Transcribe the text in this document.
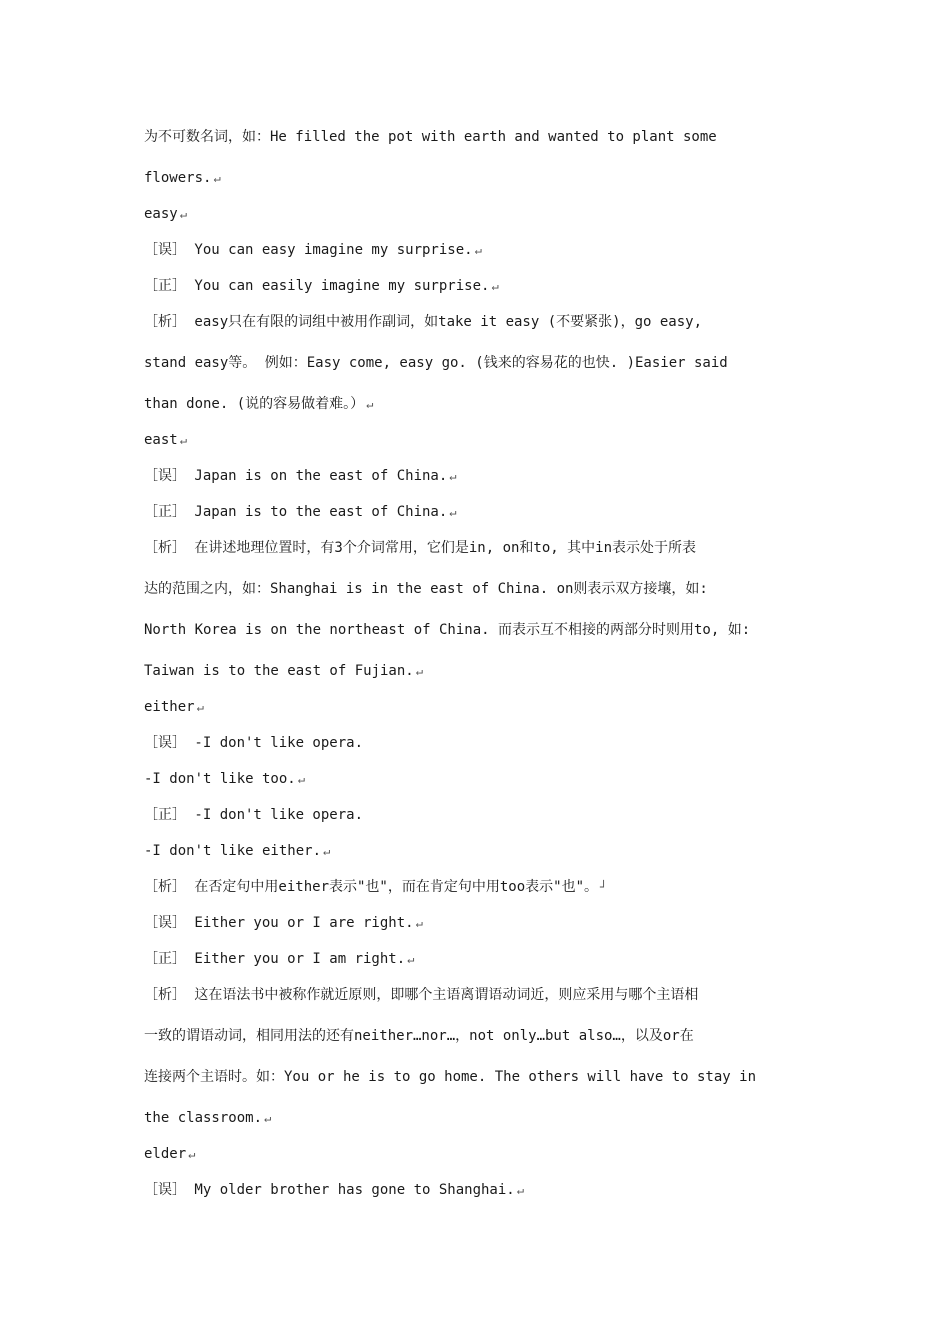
为不可数名词，如：He filled the pot with earth and wanted to plant some
flowers.↵
easy↵
［误］ You can easy imagine my surprise.↵
［正］ You can easily imagine my surprise.↵
［析］ easy只在有限的词组中被用作副词，如take it easy (不要紧张)，go easy,
stand easy等。 例如：Easy come, easy go. (钱来的容易花的也快. )Easier said
than done. (说的容易做着难。）↵
east↵
［误］ Japan is on the east of China.↵
［正］ Japan is to the east of China.↵
［析］ 在讲述地理位置时，有3个介词常用，它们是in, on和to, 其中in表示处于所表
达的范围之内，如：Shanghai is in the east of China. on则表示双方接壤，如:
North Korea is on the northeast of China. 而表示互不相接的两部分时则用to, 如:
Taiwan is to the east of Fujian.↵
either↵
［误］ -I don't like opera.
-I don't like too.↵
［正］ -I don't like opera.
-I don't like either.↵
［析］ 在否定句中用either表示"也"，而在肯定句中用too表示"也"。┘
［误］ Either you or I are right.↵
［正］ Either you or I am right.↵
［析］ 这在语法书中被称作就近原则，即哪个主语离谓语动词近，则应采用与哪个主语相
一致的谓语动词，相同用法的还有neither…nor…，not only…but also…，以及or在
连接两个主语时。如：You or he is to go home. The others will have to stay in
the classroom.↵
elder↵
［误］ My older brother has gone to Shanghai.↵
